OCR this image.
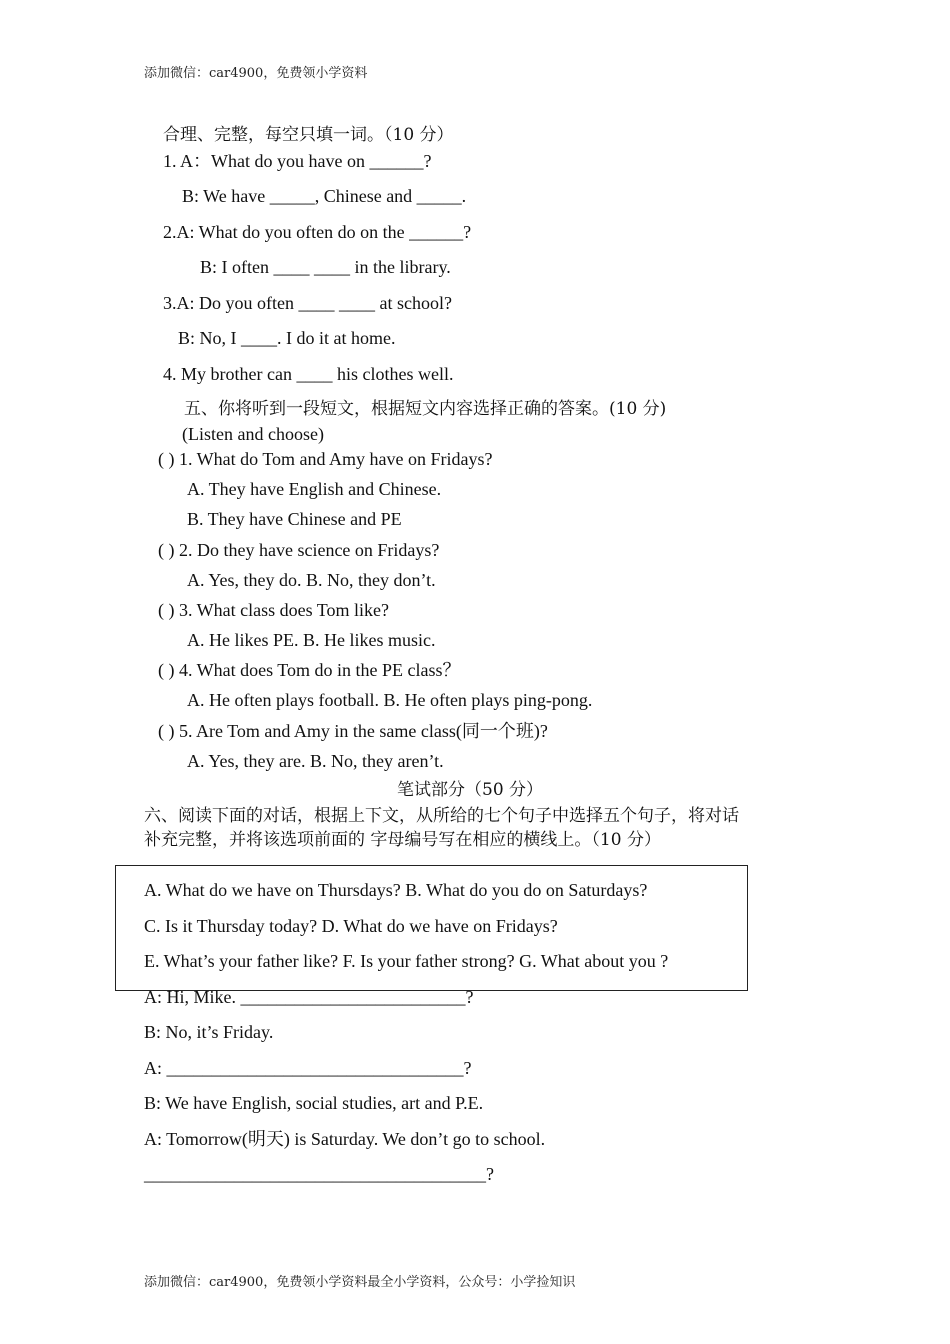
添加微信：car4900，免费领小学资料
合理、完整，每空只填一词。（10 分）
1. A：What do you have on ______?
B: We have _____, Chinese and _____.
2.A: What do you often do on the ______?
B: I often ____ ____ in the library.
3.A: Do you often ____ ____ at school?
B: No, I ____. I do it at home.
4. My brother can ____ his clothes well.
五、你将听到一段短文，根据短文内容选择正确的答案。(10 分)
(Listen and choose)
( ) 1. What do Tom and Amy have on Fridays?
A. They have English and Chinese.
B. They have Chinese and PE
( ) 2. Do they have science on Fridays?
A. Yes, they do. B. No, they don’t.
( ) 3. What class does Tom like?
A. He likes PE. B. He likes music.
( ) 4. What does Tom do in the PE class？
A. He often plays football. B. He often plays ping-pong.
( ) 5. Are Tom and Amy in the same class(同一个班)?
A. Yes, they are. B. No, they aren’t.
笔试部分（50 分）
六、阅读下面的对话，根据上下文，从所给的七个句子中选择五个句子，将对话
补充完整，并将该选项前面的 字母编号写在相应的横线上。（10 分）
A. What do we have on Thursdays? B. What do you do on Saturdays?
C. Is it Thursday today? D. What do we have on Fridays?
E. What’s your father like? F. Is your father strong? G. What about you ?
A: Hi, Mike. _________________________?
B: No, it’s Friday.
A: _________________________________?
B: We have English, social studies, art and P.E.
A: Tomorrow(明天) is Saturday. We don’t go to school.
______________________________________?
添加微信：car4900，免费领小学资料最全小学资料，公众号：小学捡知识
